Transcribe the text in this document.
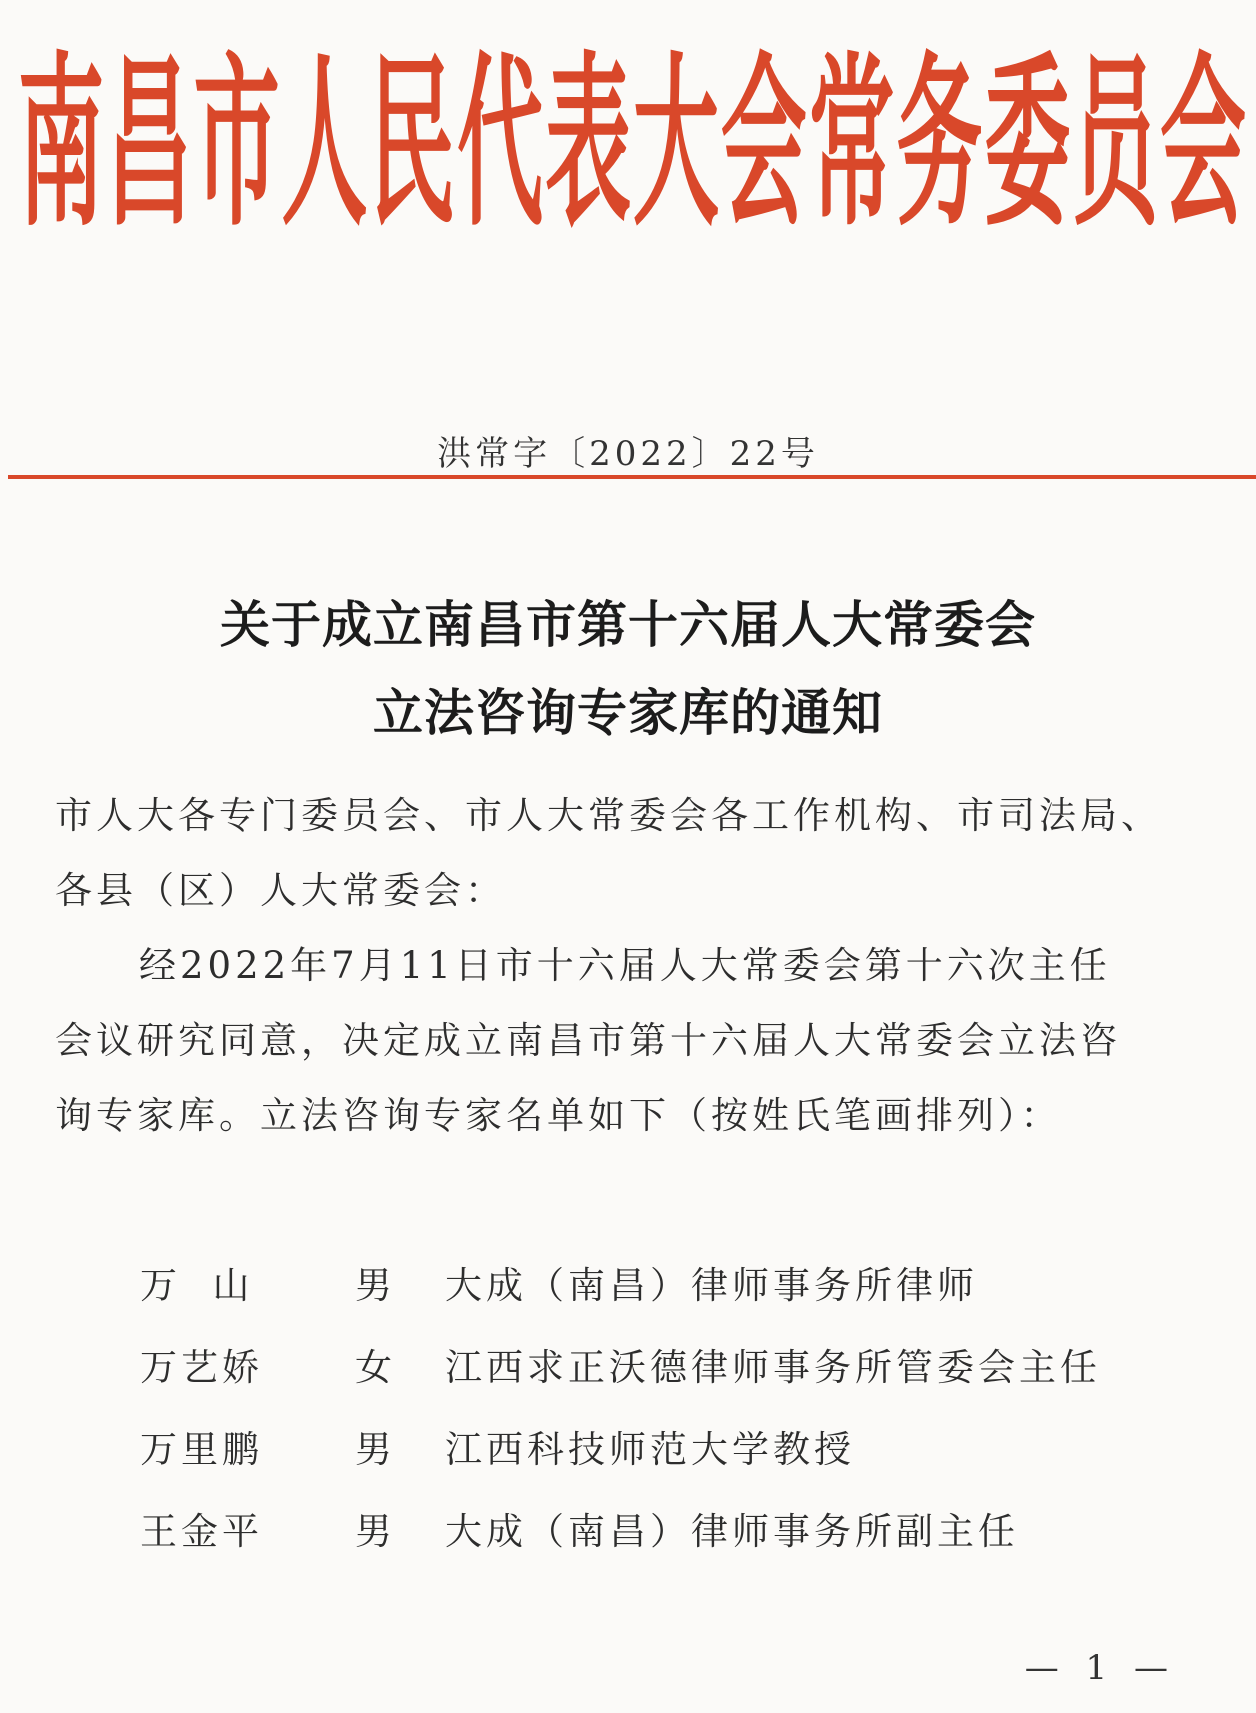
南 昌 市 人 民 代 表 大 会 常 务 委 员 会
洪常字〔2022〕22号
关于成立南昌市第十六届人大常委会
立法咨询专家库的通知
市人大各专门委员会、市人大常委会各工作机构、市司法局、
各县（区）人大常委会：
经2022年7月11日市十六届人大常委会第十六次主任
会议研究同意，决定成立南昌市第十六届人大常委会立法咨
询专家库。立法咨询专家名单如下（按姓氏笔画排列）：
万  山	男 大成（南昌）律师事务所律师
万艺娇 女 江西求正沃德律师事务所管委会主任
万里鹏 男 江西科技师范大学教授
王金平 男 大成（南昌）律师事务所副主任
— 1 —
